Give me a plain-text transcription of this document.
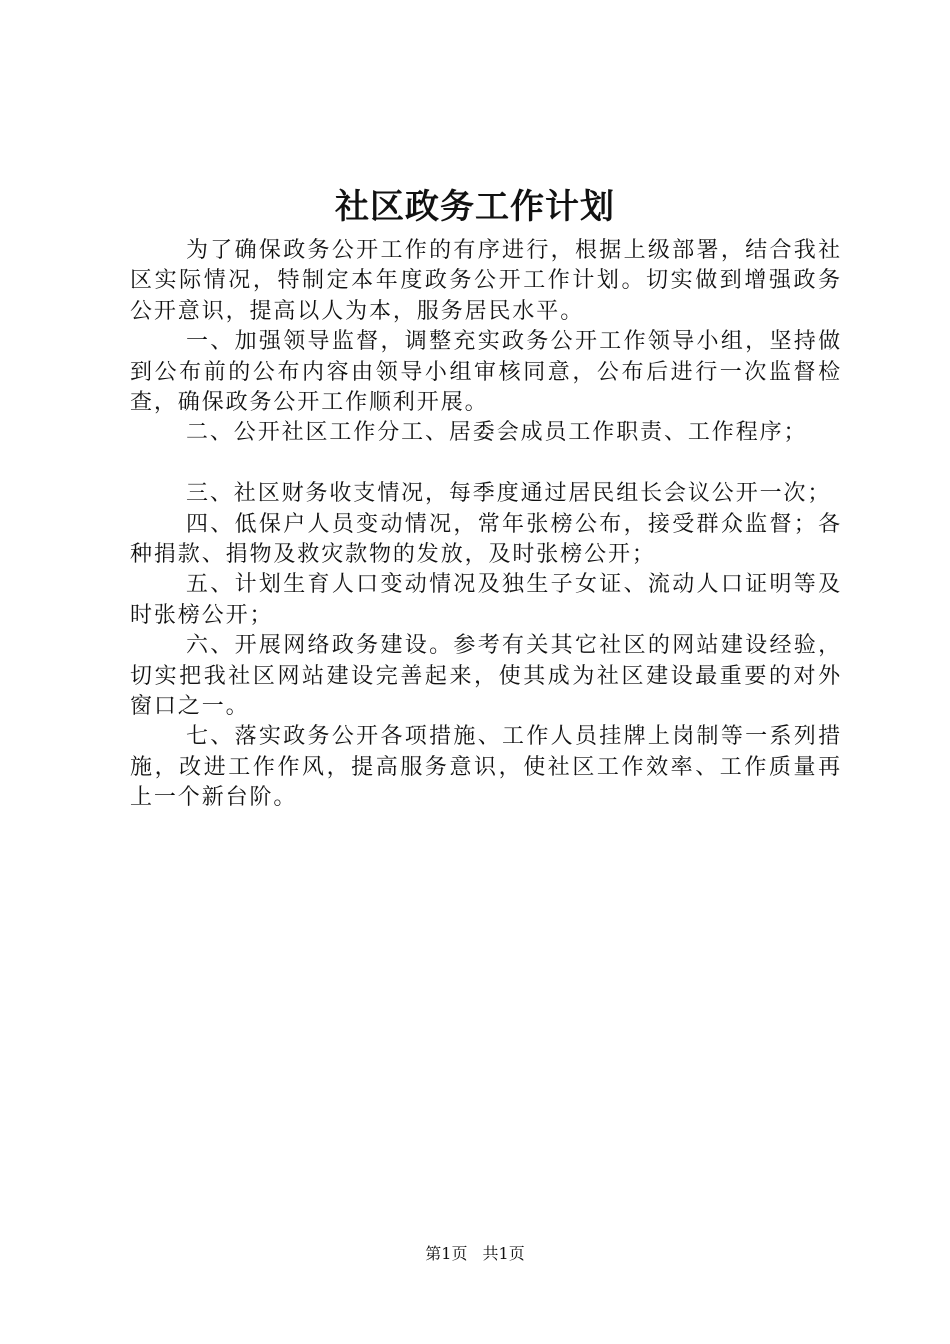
社区政务工作计划

为了确保政务公开工作的有序进行，根据上级部署，结合我社区实际情况，特制定本年度政务公开工作计划。切实做到增强政务公开意识，提高以人为本，服务居民水平。

一、加强领导监督，调整充实政务公开工作领导小组，坚持做到公布前的公布内容由领导小组审核同意，公布后进行一次监督检查，确保政务公开工作顺利开展。

二、公开社区工作分工、居委会成员工作职责、工作程序；

三、社区财务收支情况，每季度通过居民组长会议公开一次；

四、低保户人员变动情况，常年张榜公布，接受群众监督；各种捐款、捐物及救灾款物的发放，及时张榜公开；

五、计划生育人口变动情况及独生子女证、流动人口证明等及时张榜公开；

六、开展网络政务建设。参考有关其它社区的网站建设经验，切实把我社区网站建设完善起来，使其成为社区建设最重要的对外窗口之一。

七、落实政务公开各项措施、工作人员挂牌上岗制等一系列措施，改进工作作风，提高服务意识，使社区工作效率、工作质量再上一个新台阶。

第1页 共1页
